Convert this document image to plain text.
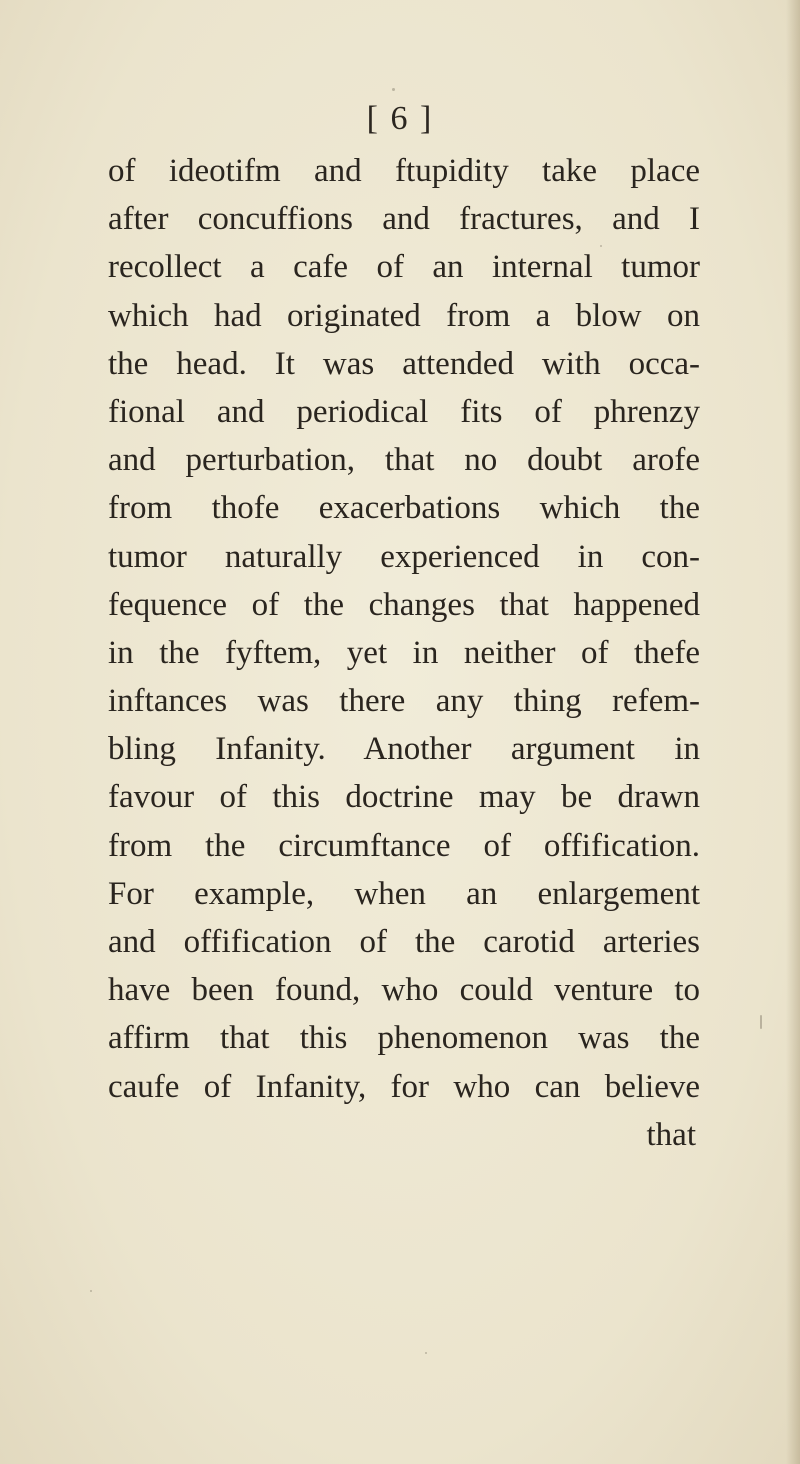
[ 6 ]
of ideotifm and ftupidity take place
after concuffions and fractures, and I
recollect a cafe of an internal tumor
which had originated from a blow on
the head. It was attended with occa-
fional and periodical fits of phrenzy
and perturbation, that no doubt arofe
from thofe exacerbations which the
tumor naturally experienced in con-
fequence of the changes that happened
in the fyftem, yet in neither of thefe
inftances was there any thing refem-
bling Infanity. Another argument in
favour of this doctrine may be drawn
from the circumftance of offification.
For example, when an enlargement
and offification of the carotid arteries
have been found, who could venture to
affirm that this phenomenon was the
caufe of Infanity, for who can believe
that
